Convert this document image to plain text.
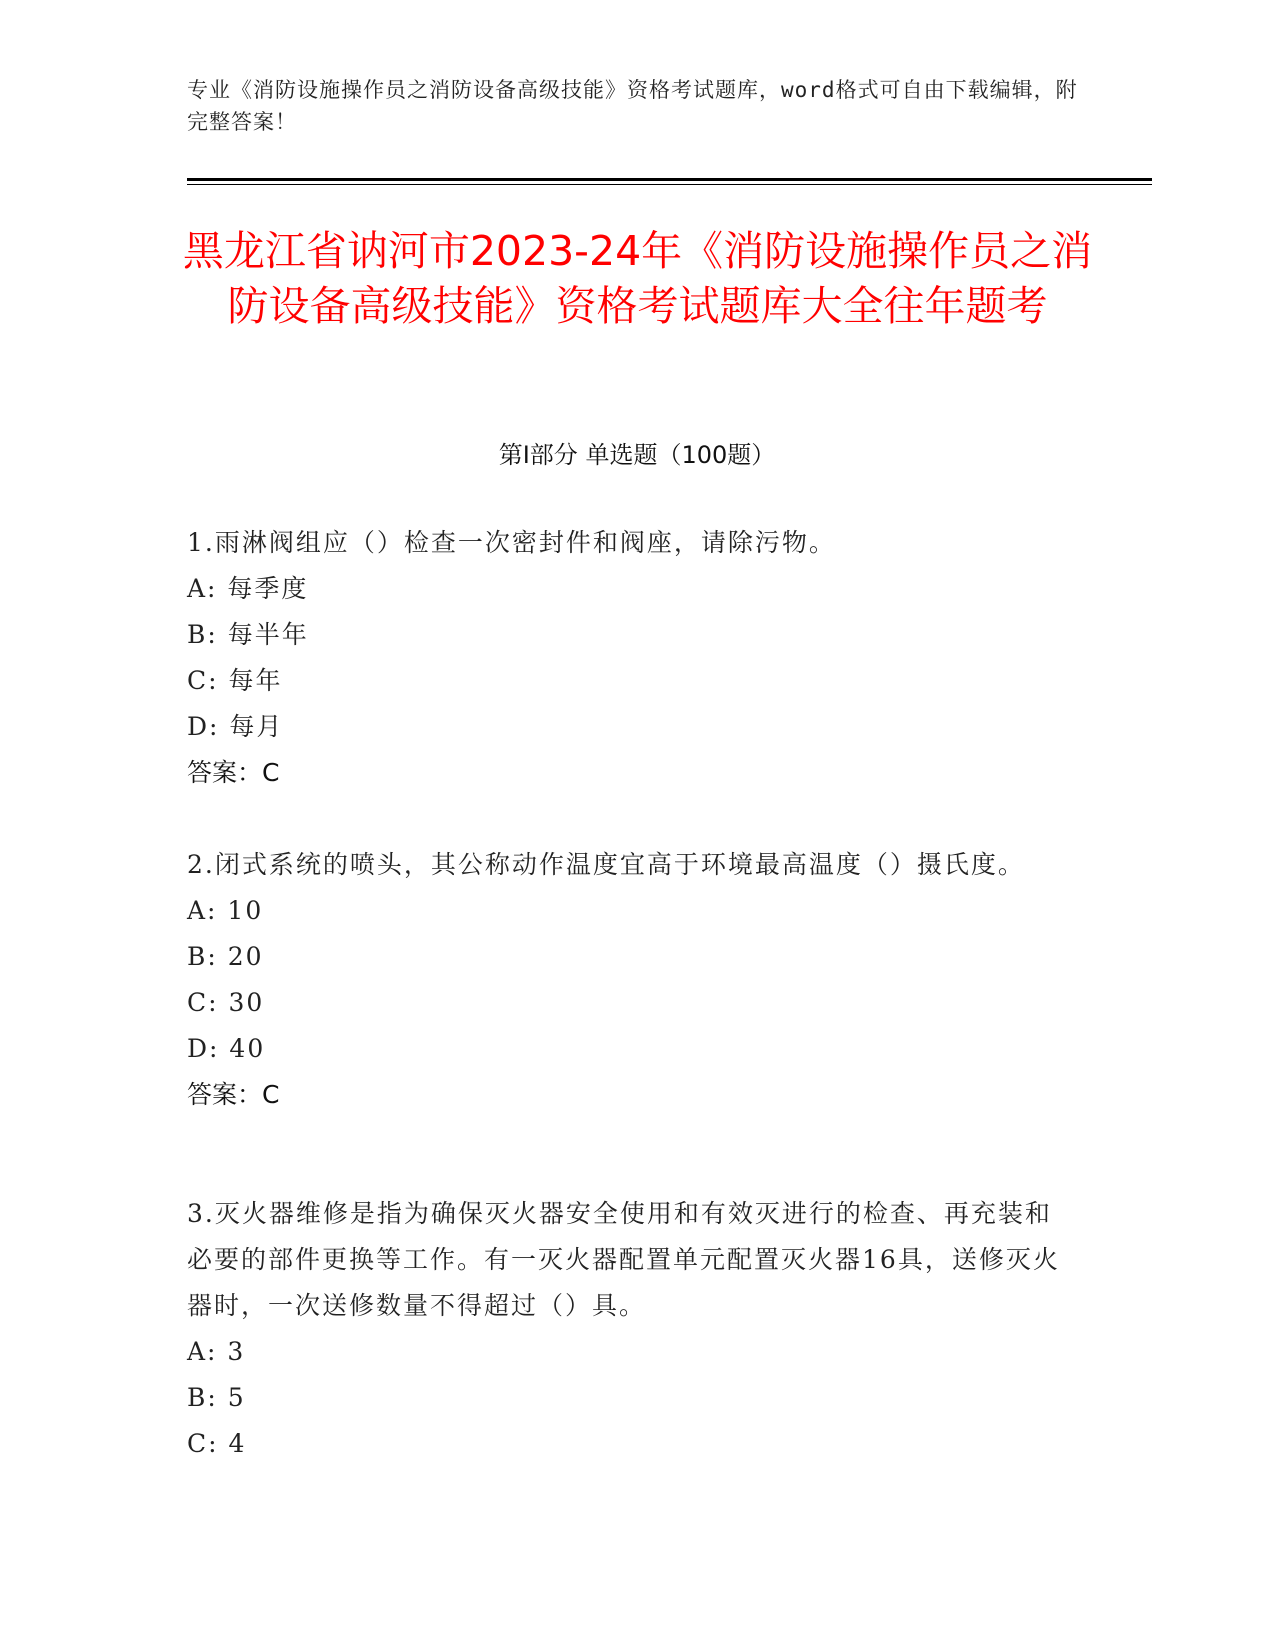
专业《消防设施操作员之消防设备高级技能》资格考试题库，word格式可自由下载编辑，附完整答案！
黑龙江省讷河市2023-24年《消防设施操作员之消防设备高级技能》资格考试题库大全往年题考
第I部分 单选题（100题）

1.雨淋阀组应（）检查一次密封件和阀座，请除污物。

A: 每季度

B: 每半年

C: 每年

D: 每月

答案：C

2.闭式系统的喷头，其公称动作温度宜高于环境最高温度（）摄氏度。

A: 10

B: 20

C: 30

D: 40

答案：C

3.灭火器维修是指为确保灭火器安全使用和有效灭进行的检查、再充装和必要的部件更换等工作。有一灭火器配置单元配置灭火器16具，送修灭火器时，一次送修数量不得超过（）具。

A: 3

B: 5

C: 4
